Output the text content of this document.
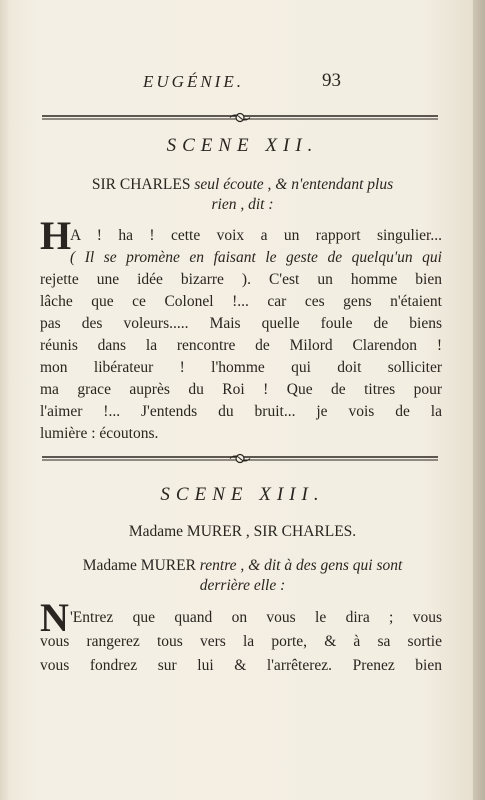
EUGÉNIE.	93
SCENE XII.
SIR CHARLES seul écoute , & n'entendant plus
rien , dit :
H
A ! ha ! cette voix a un rapport singulier...
( Il se promène en faisant le geste de quelqu'un qui
rejette une idée bizarre ). C'est un homme bien
lâche que ce Colonel !... car ces gens n'étaient
pas des voleurs..... Mais quelle foule de biens
réunis dans la rencontre de Milord Clarendon !
mon libérateur ! l'homme qui doit solliciter
ma grace auprès du Roi ! Que de titres pour
l'aimer !... J'entends du bruit... je vois de la
lumière : écoutons.
SCENE XIII.
Madame MURER , SIR CHARLES.
Madame MURER rentre , & dit à des gens qui sont
derrière elle :
N 'Entrez que quand on vous le dira ; vous
vous rangerez tous vers la porte, & à sa sortie
vous fondrez sur lui & l'arrêterez. Prenez bien
